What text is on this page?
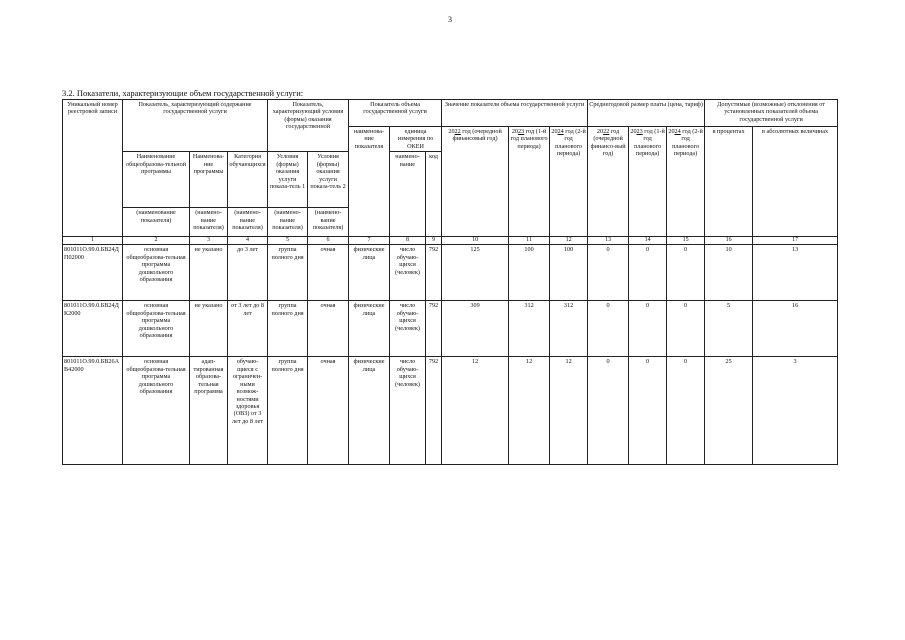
3
3.2. Показатели, характеризующие объем государственной услуги:
Уникальный номер реестровой записи	Показатель, характеризующий содержание государственной услуги			Показатель, характеризующий условия (формы) оказания государственной		Показатель объема государственной услуги			Значение показателя объема государственной услуги			Среднегодовой размер платы (цена, тариф)			Допустимые (возможные) отклонения от установленных показателей объема государственной услуги	
						наименова-ние показателя	единица измерения по ОКЕИ		2022 год (очередной финансовый год)	2023 год (1-й год планового периода)	2024 год (2-й год планового периода)	2022 год (очередной финансо-вый год)	2023 год (1-й год планового периода)	2024 год (2-й год планового периода)	в процентах	в абсолютных величинах
	Наименование общеобразова-тельной программы	Наименова-ние программы	Категория обучающихся	Условия (формы) оказания услуги показа-тель 1	Условия (формы) оказания услуги показа-тель 2		наимено-вание	код								
	(наименование показателя)	(наимено-вание показателя)	(наимено-вание показателя)	(наимено-вание показателя)	(наимено-вание показателя)											
1	2	3	4	5	6	7	8	9	10	11	12	13	14	15	16	17
801011О.99.0.БВ24ДП02000	основная общеобразова-тельная программа дошкольного образования	не указано	до 3 лет	группа полного дня	очная	физические лица	число обучаю-щихся (человек)	792	125	100	100	0	0	0	10	13
801011О.99.0.БВ24ДК2000	основная общеобразова-тельная программа дошкольного образования	не указано	от 3 лет до 8 лет	группа полного дня	очная	физические лица	число обучаю-щихся (человек)	792	309	312	312	0	0	0	5	16
801011О.99.0.БВ26АВ42000	основная общеобразова-тельная программа дошкольного образования	адап-тированная образова-тельная программа	обучаю-щиеся с ограничен-ными возмож-ностями здоровья (ОВЗ) от 3 лет до 8 лет	группа полного дня	очная	физические лица	число обучаю-щихся (человек)	792	12	12	12	0	0	0	25	3
